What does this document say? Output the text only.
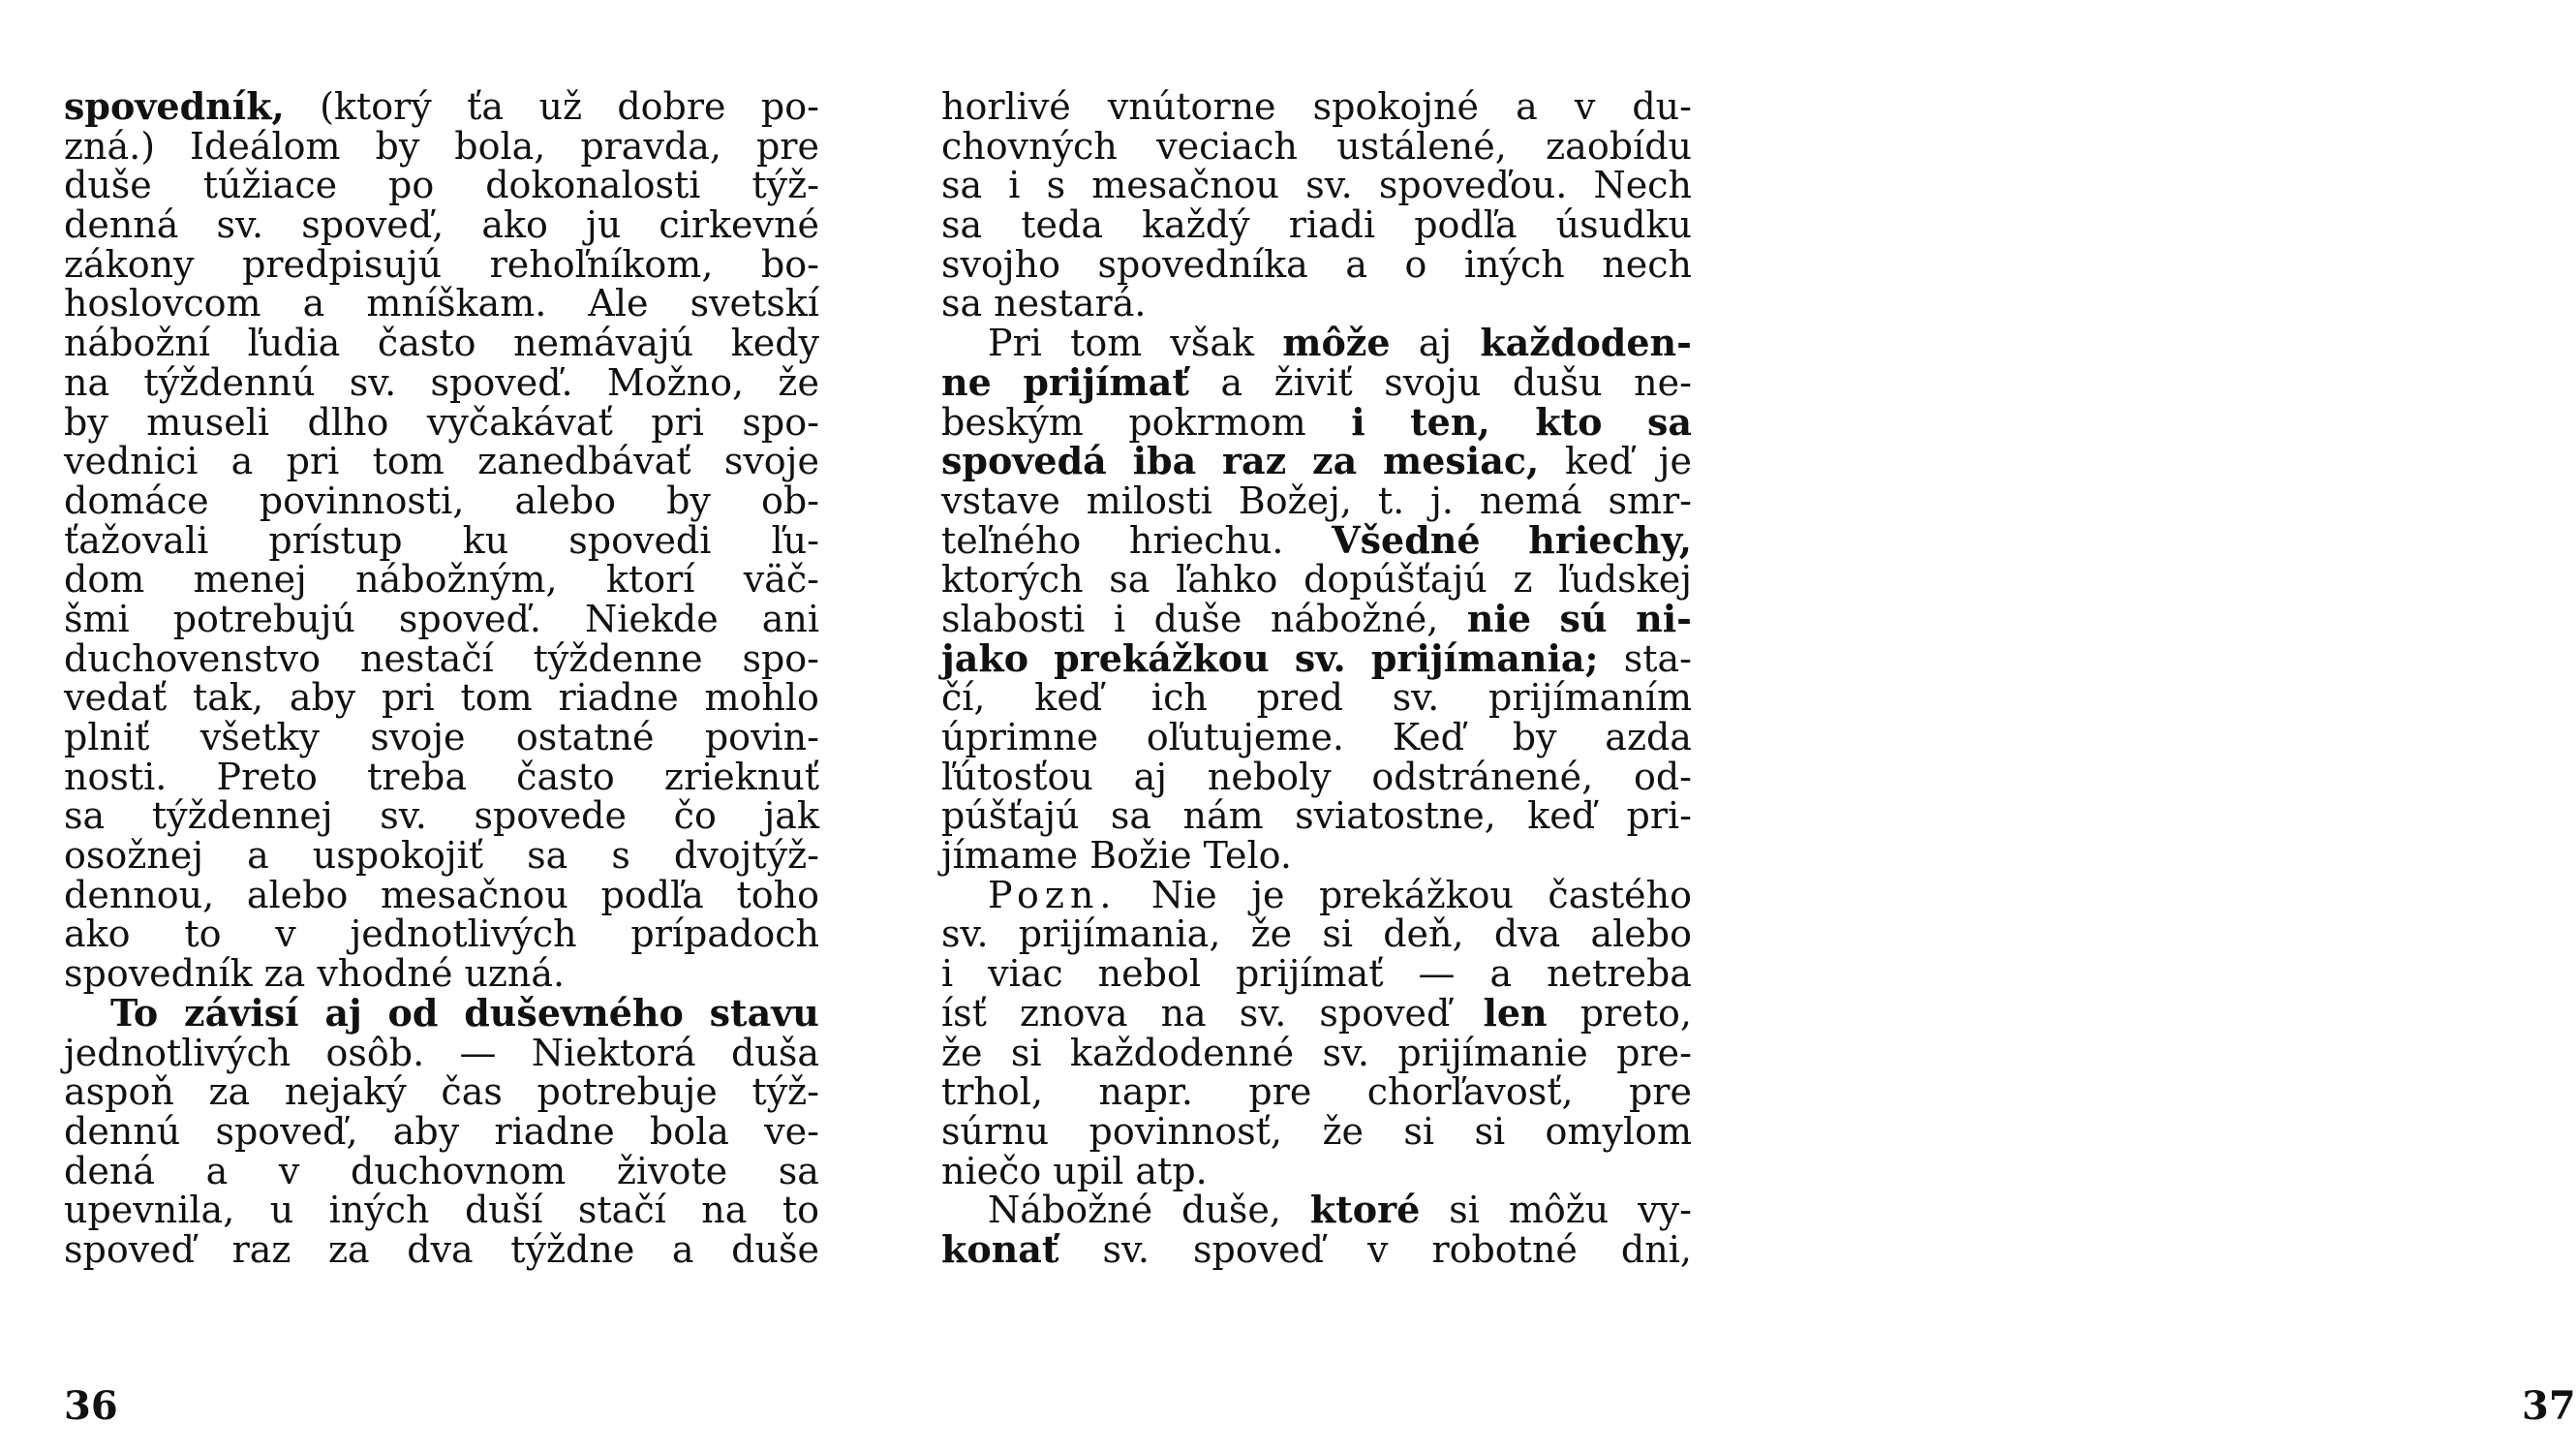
spovedník, (ktorý ťa už dobre po-
zná.) Ideálom by bola, pravda, pre
duše túžiace po dokonalosti týž-
denná sv. spoveď, ako ju cirkevné
zákony predpisujú rehoľníkom, bo-
hoslovcom a mníškam. Ale svetskí
nábožní ľudia často nemávajú kedy
na týždennú sv. spoveď. Možno, že
by museli dlho vyčakávať pri spo-
vednici a pri tom zanedbávať svoje
domáce povinnosti, alebo by ob-
ťažovali prístup ku spovedi ľu-
dom menej nábožným, ktorí väč-
šmi potrebujú spoveď. Niekde ani
duchovenstvo nestačí týždenne spo-
vedať tak, aby pri tom riadne mohlo
plniť všetky svoje ostatné povin-
nosti. Preto treba často zrieknuť
sa týždennej sv. spovede čo jak
osožnej a uspokojiť sa s dvojtýž-
dennou, alebo mesačnou podľa toho
ako to v jednotlivých prípadoch
spovedník za vhodné uzná.
To závisí aj od duševného stavu
jednotlivých osôb. — Niektorá duša
aspoň za nejaký čas potrebuje týž-
dennú spoveď, aby riadne bola ve-
dená a v duchovnom živote sa
upevnila, u iných duší stačí na to
spoveď raz za dva týždne a duše
36
horlivé vnútorne spokojné a v du-
chovných veciach ustálené, zaobídu
sa i s mesačnou sv. spoveďou. Nech
sa teda každý riadi podľa úsudku
svojho spovedníka a o iných nech
sa nestará.
Pri tom však môže aj každoden-
ne prijímať a živiť svoju dušu ne-
beským pokrmom i ten, kto sa
spovedá iba raz za mesiac, keď je
vstave milosti Božej, t. j. nemá smr-
teľného hriechu. Všedné hriechy,
ktorých sa ľahko dopúšťajú z ľudskej
slabosti i duše nábožné, nie sú ni-
jako prekážkou sv. prijímania; sta-
čí, keď ich pred sv. prijímaním
úprimne oľutujeme. Keď by azda
ľútosťou aj neboly odstránené, od-
púšťajú sa nám sviatostne, keď pri-
jímame Božie Telo.
Pozn. Nie je prekážkou častého
sv. prijímania, že si deň, dva alebo
i viac nebol prijímať — a netreba
ísť znova na sv. spoveď len preto,
že si každodenné sv. prijímanie pre-
trhol, napr. pre chorľavosť, pre
súrnu povinnosť, že si si omylom
niečo upil atp.
Nábožné duše, ktoré si môžu vy-
konať sv. spoveď v robotné dni,
37
